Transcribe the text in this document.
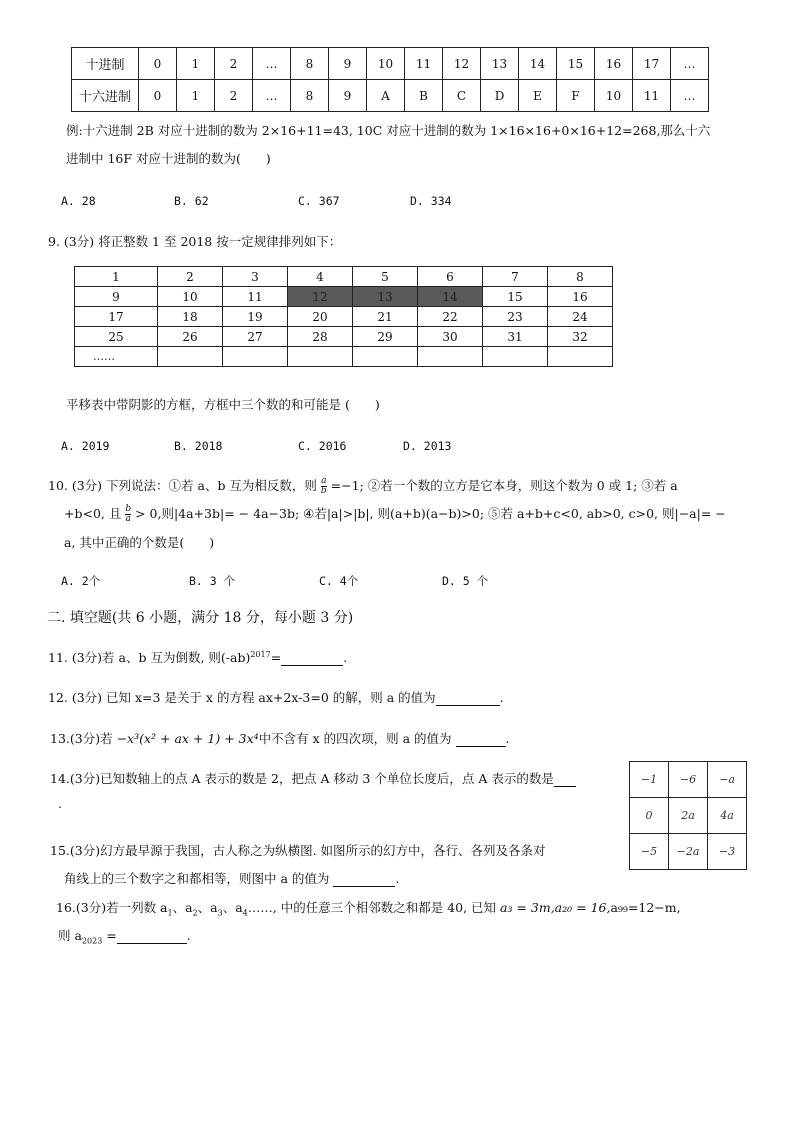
十进制	0	1	2	…	8	9	10	11	12	13	14	15	16	17	…
十六进制	0	1	2	…	8	9	A	B	C	D	E	F	10	11	…
例:十六进制 2B 对应十进制的数为 2×16+11=43, 10C 对应十进制的数为 1×16×16+0×16+12=268,那么十六
进制中 16F 对应十进制的数为(　　)
A. 28	B. 62	C. 367	D. 334
9. (3分) 将正整数 1 至 2018 按一定规律排列如下：
1	2	3	4	5	6	7	8
9	10	11	12	13	14	15	16
17	18	19	20	21	22	23	24
25	26	27	28	29	30	31	32
……							
平移表中带阴影的方框，方框中三个数的和可能是 (　　)
A. 2019	B. 2018	C. 2016	D. 2013
10. (3分) 下列说法：①若 a、b 互为相反数，则 $\frac{a}{b} =-1$; ②若一个数的立方是它本身，则这个数为 0 或 1; ③若 a
+b<0, 且 $\frac{b}{a} > 0$,则|4a+3b|= − 4a−3b; ④若|a|>|b|, 则(a+b)(a−b)>0; ⑤若 a+b+c<0, ab>0, c>0, 则|−a|= −
a, 其中正确的个数是(　　)
A. 2个	B. 3 个	C. 4个	D. 5 个
二. 填空题(共 6 小题，满分 18 分，每小题 3 分)
11. (3分)若 a、b 互为倒数, 则$(-ab)^{2017}=$	.
12. (3分) 已知 x=3 是关于 x 的方程 ax+2x-3=0 的解，则 a 的值为	.
13.(3分)若 −x³(x² + ax + 1) + 3x⁴中不含有 x 的四次项，则 a 的值为	.
14.(3分)已知数轴上的点 A 表示的数是 2，把点 A 移动 3 个单位长度后，点 A 表示的数是
.
−1	−6	−a
0	2a	4a
−5	−2a	−3
15.(3分)幻方最早源于我国，古人称之为纵横图. 如图所示的幻方中，各行、各列及各条对
角线上的三个数字之和都相等，则图中 a 的值为	.
16.(3分)若一列数 $a_1$、$a_2$、$a_3$、$a_4\dots\dots$, 中的任意三个相邻数之和都是 40, 已知 a₃ = 3m,a₂₀ = 16,a₉₉=12−m,
则 $a_{2023}$ =	.
